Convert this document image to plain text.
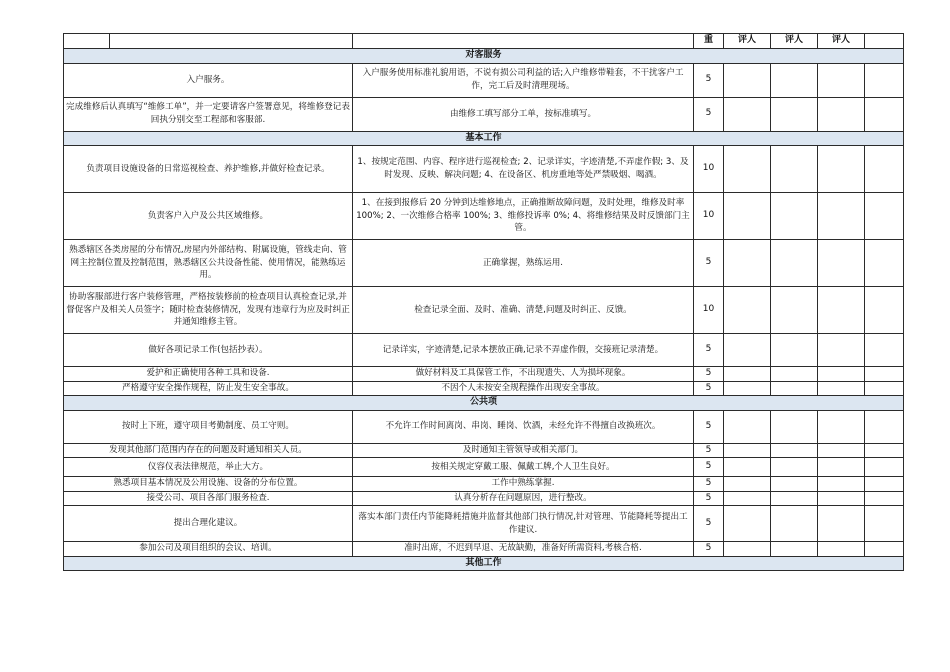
			重	评人	评人	评人	
对客服务							
入户服务。		入户服务使用标准礼貌用语，不说有损公司利益的话;入户维修带鞋套，不干扰客户工作，完工后及时清理现场。	5				
完成维修后认真填写“维修工单”，并一定要请客户签署意见，将维修登记表回执分别交至工程部和客服部.		由维修工填写部分工单，按标准填写。	5				
基本工作							
负责项目设施设备的日常巡视检查、养护维修,并做好检查记录。		1、按规定范围、内容、程序进行巡视检查; 2、记录详实，字迹清楚,不弄虚作假; 3、及时发现、反映、解决问题; 4、在设备区、机房重地等处严禁吸烟、喝酒。	10				
负责客户入户及公共区域维修。		1、在接到报修后 20 分钟到达维修地点，正确推断故障问题，及时处理，维修及时率 100%; 2、一次维修合格率 100%; 3、维修投诉率 0%; 4、将维修结果及时反馈部门主管。	10				
熟悉辖区各类房屋的分布情况,房屋内外部结构、附属设施，管线走向、管网主控制位置及控制范围，熟悉辖区公共设备性能、使用情况，能熟练运用。		正确掌握，熟练运用.	5				
协助客服部进行客户装修管理，严格按装修前的检查项目认真检查记录,并督促客户及相关人员签字；随时检查装修情况，发现有违章行为应及时纠正并通知维修主管。		检查记录全面、及时、准确、清楚,问题及时纠正、反馈。	10				
做好各项记录工作(包括抄表）。		记录详实，字迹清楚,记录本摆放正确,记录不弄虚作假，交接班记录清楚。	5				
爱护和正确使用各种工具和设备.		做好材料及工具保管工作，不出现遗失、人为损坏现象。	5				
严格遵守安全操作规程，防止发生安全事故。		不因个人未按安全规程操作出现安全事故。	5				
公共项							
按时上下班，遵守项目考勤制度、员工守则。		不允许工作时间离岗、串岗、睡岗、饮酒，未经允许不得擅自改换班次。	5				
发现其他部门范围内存在的问题及时通知相关人员。		及时通知主管领导或相关部门。	5				
仪容仪表法律规范，举止大方。		按相关规定穿戴工服、佩戴工牌,个人卫生良好。	5				
熟悉项目基本情况及公用设施、设备的分布位置。		工作中熟练掌握.	5				
接受公司、项目各部门服务检查.		认真分析存在问题原因，进行整改。	5				
提出合理化建议。		落实本部门责任内节能降耗措施并监督其他部门执行情况,针对管理、节能降耗等提出工作建议.	5				
参加公司及项目组织的会议、培训。		准时出席，不迟到早退、无故缺勤，准备好所需资料,考核合格.	5				
其他工作							
